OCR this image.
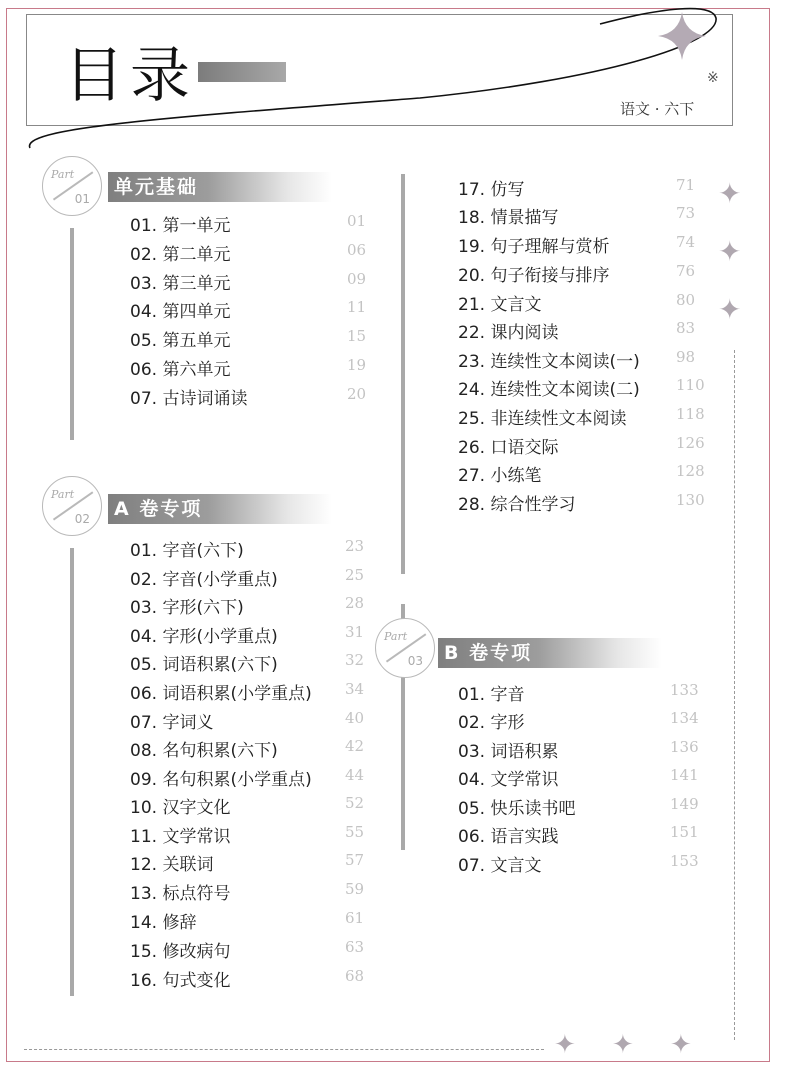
目录	※
语文 · 六下
Part
01
单元基础
Part
02	A 卷专项
Part
03	B 卷专项
✦
✦
✦
✦ ✦ ✦
01. 第一单元	01
02. 第二单元	06
03. 第三单元	09
04. 第四单元	11
05. 第五单元	15
06. 第六单元	19
07. 古诗词诵读	20
01. 字音(六下)	23
02. 字音(小学重点)	25
03. 字形(六下)	28
04. 字形(小学重点)	31
05. 词语积累(六下)	32
06. 词语积累(小学重点) 34
07. 字词义	40
08. 名句积累(六下)	42
09. 名句积累(小学重点) 44
10. 汉字文化	52
11. 文学常识	55
12. 关联词	57
13. 标点符号	59
14. 修辞	61
15. 修改病句	63
16. 句式变化	68
17. 仿写	71
18. 情景描写	73
19. 句子理解与赏析	74
20. 句子衔接与排序	76
21. 文言文	80
22. 课内阅读	83
23. 连续性文本阅读(一) 98
24. 连续性文本阅读(二) 110
25. 非连续性文本阅读	118
26. 口语交际	126
27. 小练笔	128
28. 综合性学习	130
01. 字音	133
02. 字形	134
03. 词语积累	136
04. 文学常识	141
05. 快乐读书吧	149
06. 语言实践	151
07. 文言文	153
